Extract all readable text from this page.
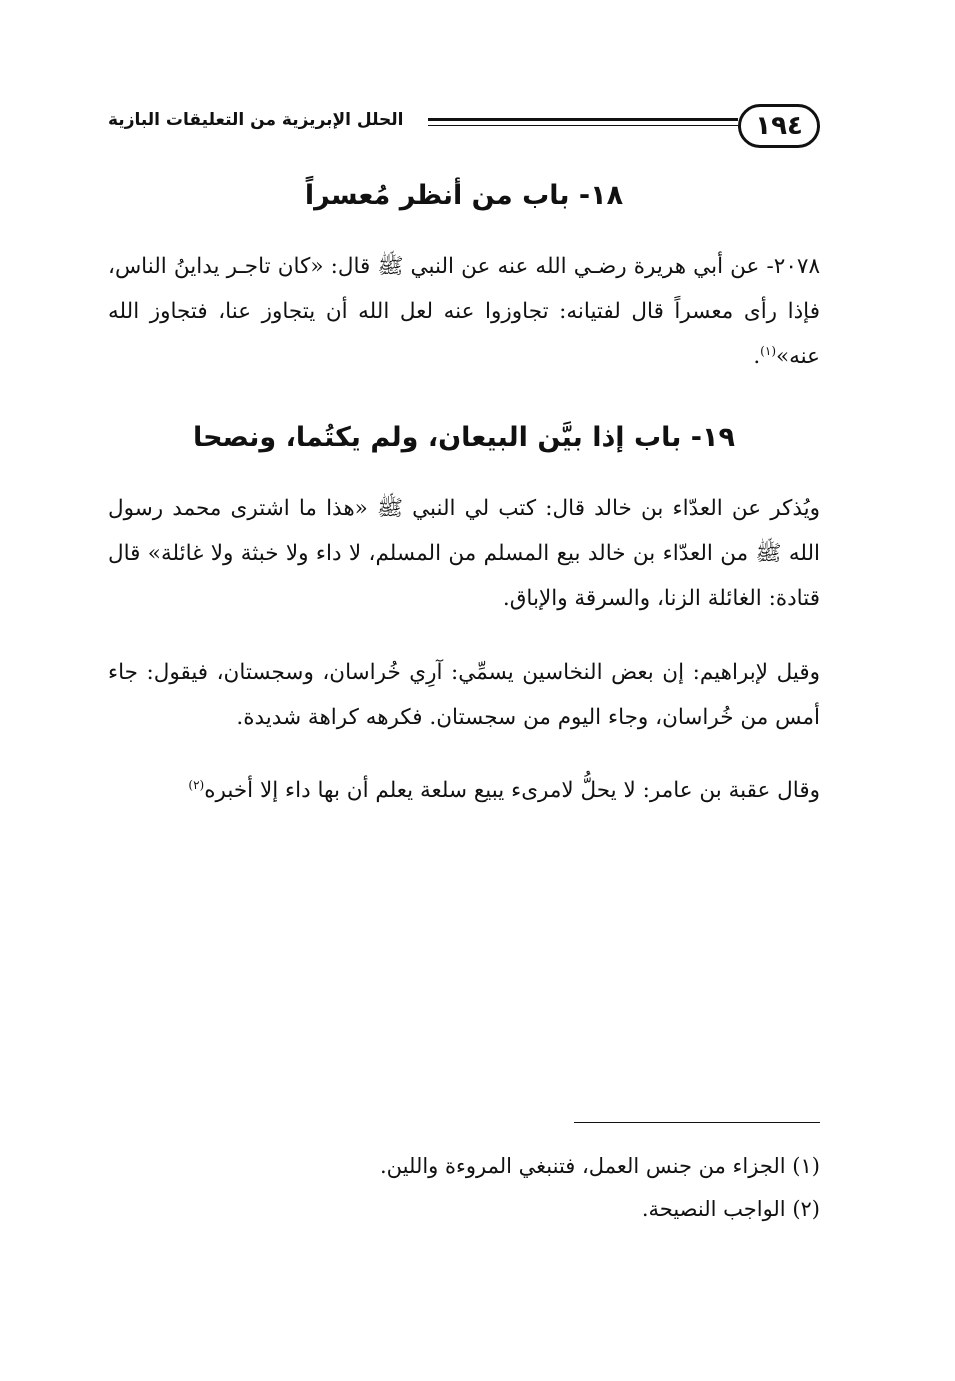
١٩٤
الحلل الإبريزية من التعليقات البازية
١٨- باب من أنظر مُعسراً
٢٠٧٨- عن أبي هريرة رضـي الله عنه عن النبي ﷺ قال: «كان تاجـر يداينُ الناس، فإذا رأى معسراً قال لفتيانه: تجاوزوا عنه لعل الله أن يتجاوز عنا، فتجاوز الله عنه»$^{(١)}$.
١٩- باب إذا بيَّن البيعان، ولم يكتُما، ونصحا
ويُذكر عن العدّاء بن خالد قال: كتب لي النبي ﷺ «هذا ما اشترى محمد رسول الله ﷺ من العدّاء بن خالد بيع المسلم من المسلم، لا داء ولا خبثة ولا غائلة» قال قتادة: الغائلة الزنا، والسرقة والإباق.
وقيل لإبراهيم: إن بعض النخاسين يسمِّي: آرِي خُراسان، وسجستان، فيقول: جاء أمس من خُراسان، وجاء اليوم من سجستان. فكرهه كراهة شديدة.
وقال عقبة بن عامر: لا يحلُّ لامرىء يبيع سلعة يعلم أن بها داء إلا أخبره$^{(٢)}$
(١) الجزاء من جنس العمل، فتنبغي المروءة واللين.
(٢) الواجب النصيحة.
